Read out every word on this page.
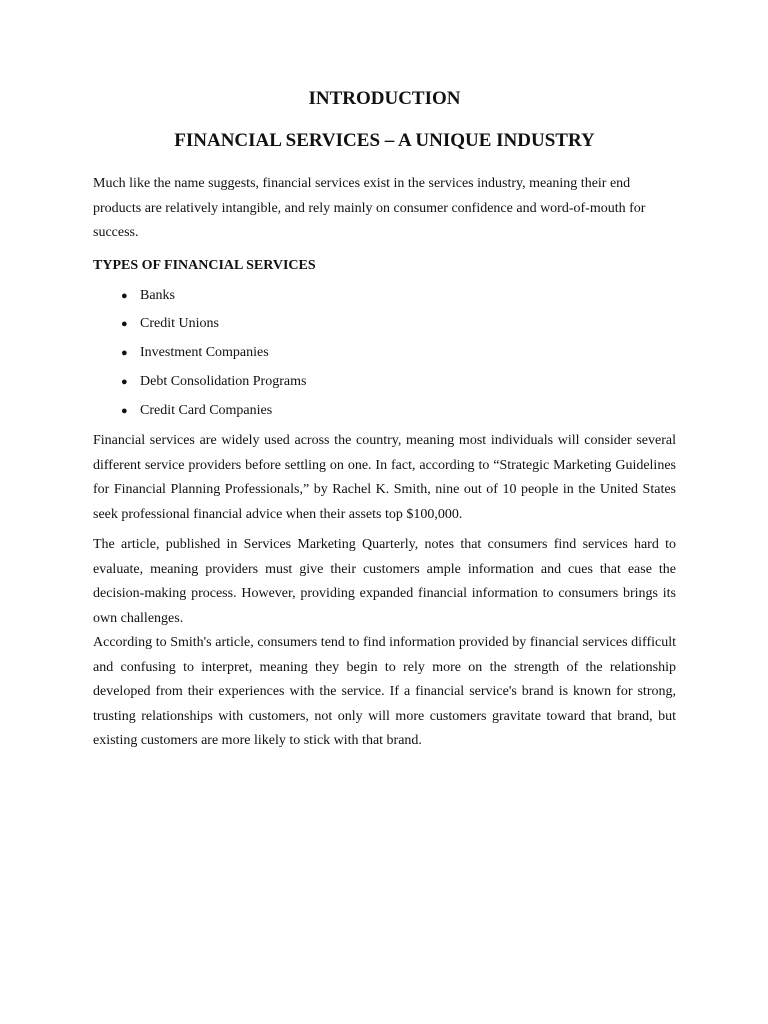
INTRODUCTION
FINANCIAL SERVICES – A UNIQUE INDUSTRY

Much like the name suggests, financial services exist in the services industry, meaning their end products are relatively intangible, and rely mainly on consumer confidence and word-of-mouth for success.

TYPES OF FINANCIAL SERVICES
● Banks
● Credit Unions
● Investment Companies
● Debt Consolidation Programs
● Credit Card Companies

Financial services are widely used across the country, meaning most individuals will consider several different service providers before settling on one. In fact, according to “Strategic Marketing Guidelines for Financial Planning Professionals,” by Rachel K. Smith, nine out of 10 people in the United States seek professional financial advice when their assets top $100,000.

The article, published in Services Marketing Quarterly, notes that consumers find services hard to evaluate, meaning providers must give their customers ample information and cues that ease the decision-making process. However, providing expanded financial information to consumers brings its own challenges.

According to Smith's article, consumers tend to find information provided by financial services difficult and confusing to interpret, meaning they begin to rely more on the strength of the relationship developed from their experiences with the service. If a financial service's brand is known for strong, trusting relationships with customers, not only will more customers gravitate toward that brand, but existing customers are more likely to stick with that brand.
